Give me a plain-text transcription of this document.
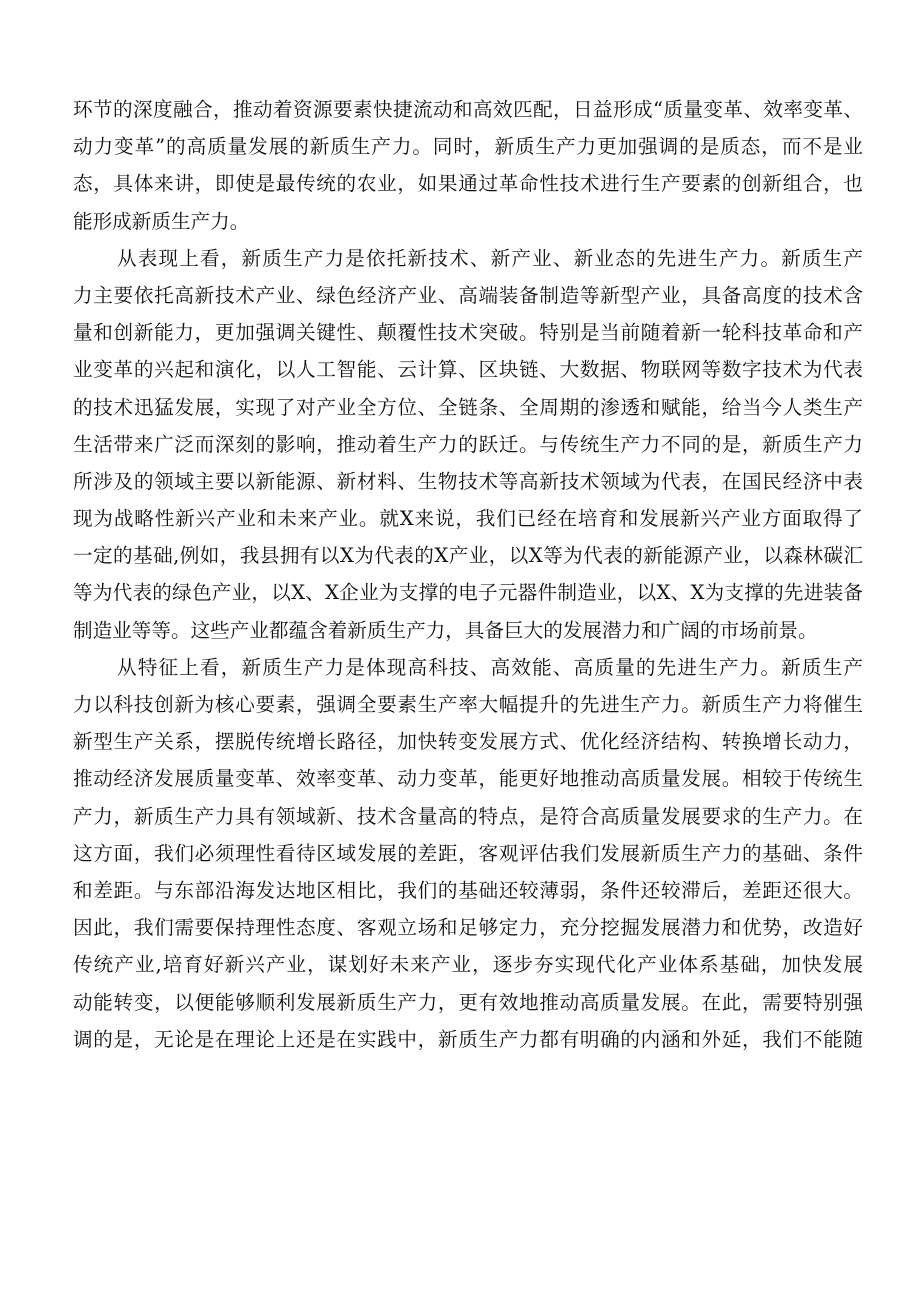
环节的深度融合，推动着资源要素快捷流动和高效匹配，日益形成“质量变革、效率变革、
动力变革”的高质量发展的新质生产力。同时，新质生产力更加强调的是质态，而不是业
态，具体来讲，即使是最传统的农业，如果通过革命性技术进行生产要素的创新组合，也
能形成新质生产力。
从表现上看，新质生产力是依托新技术、新产业、新业态的先进生产力。新质生产
力主要依托高新技术产业、绿色经济产业、高端装备制造等新型产业，具备高度的技术含
量和创新能力，更加强调关键性、颠覆性技术突破。特别是当前随着新一轮科技革命和产
业变革的兴起和演化，以人工智能、云计算、区块链、大数据、物联网等数字技术为代表
的技术迅猛发展，实现了对产业全方位、全链条、全周期的渗透和赋能，给当今人类生产
生活带来广泛而深刻的影响，推动着生产力的跃迁。与传统生产力不同的是，新质生产力
所涉及的领域主要以新能源、新材料、生物技术等高新技术领域为代表，在国民经济中表
现为战略性新兴产业和未来产业。就X来说，我们已经在培育和发展新兴产业方面取得了
一定的基础,例如，我县拥有以X为代表的X产业，以X等为代表的新能源产业，以森林碳汇
等为代表的绿色产业，以X、X企业为支撑的电子元器件制造业，以X、X为支撑的先进装备
制造业等等。这些产业都蕴含着新质生产力，具备巨大的发展潜力和广阔的市场前景。
从特征上看，新质生产力是体现高科技、高效能、高质量的先进生产力。新质生产
力以科技创新为核心要素，强调全要素生产率大幅提升的先进生产力。新质生产力将催生
新型生产关系，摆脱传统增长路径，加快转变发展方式、优化经济结构、转换增长动力，
推动经济发展质量变革、效率变革、动力变革，能更好地推动高质量发展。相较于传统生
产力，新质生产力具有领域新、技术含量高的特点，是符合高质量发展要求的生产力。在
这方面，我们必须理性看待区域发展的差距，客观评估我们发展新质生产力的基础、条件
和差距。与东部沿海发达地区相比，我们的基础还较薄弱，条件还较滞后，差距还很大。
因此，我们需要保持理性态度、客观立场和足够定力，充分挖掘发展潜力和优势，改造好
传统产业,培育好新兴产业，谋划好未来产业，逐步夯实现代化产业体系基础，加快发展
动能转变，以便能够顺利发展新质生产力，更有效地推动高质量发展。在此，需要特别强
调的是，无论是在理论上还是在实践中，新质生产力都有明确的内涵和外延，我们不能随
